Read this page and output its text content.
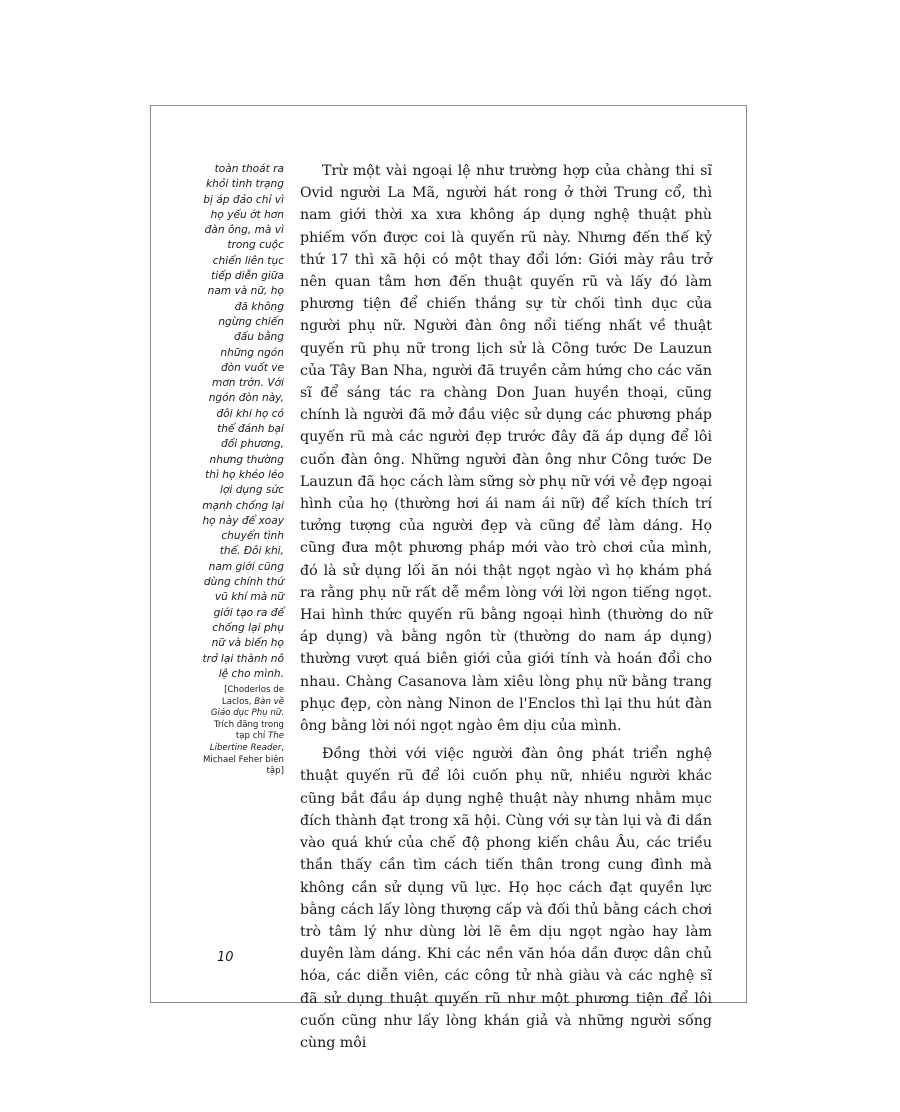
toàn thoát ra khỏi tình trạng bị áp đảo chỉ vì họ yếu ớt hơn đàn ông, mà vì trong cuộc chiến liên tục tiếp diễn giữa nam và nữ, họ đã không ngừng chiến đấu bằng những ngón đòn vuốt ve mơn trớn. Với ngón đòn này, đôi khi họ có thể đánh bại đối phương, nhưng thường thì họ khéo léo lợi dụng sức mạnh chống lại họ này để xoay chuyển tình thế. Đôi khi, nam giới cũng dùng chính thứ vũ khí mà nữ giới tạo ra để chống lại phụ nữ và biến họ trở lại thành nô lệ cho mình.

[Choderlos de Laclos, Bàn về Giáo dục Phụ nữ. Trích đăng trong tạp chí The Libertine Reader, Michael Feher biên tập]

Trừ một vài ngoại lệ như trường hợp của chàng thi sĩ Ovid người La Mã, người hát rong ở thời Trung cổ, thì nam giới thời xa xưa không áp dụng nghệ thuật phù phiếm vốn được coi là quyến rũ này. Nhưng đến thế kỷ thứ 17 thì xã hội có một thay đổi lớn: Giới mày râu trở nên quan tâm hơn đến thuật quyến rũ và lấy đó làm phương tiện để chiến thắng sự từ chối tình dục của người phụ nữ. Người đàn ông nổi tiếng nhất về thuật quyến rũ phụ nữ trong lịch sử là Công tước De Lauzun của Tây Ban Nha, người đã truyền cảm hứng cho các văn sĩ để sáng tác ra chàng Don Juan huyền thoại, cũng chính là người đã mở đầu việc sử dụng các phương pháp quyến rũ mà các người đẹp trước đây đã áp dụng để lôi cuốn đàn ông. Những người đàn ông như Công tước De Lauzun đã học cách làm sững sờ phụ nữ với vẻ đẹp ngoại hình của họ (thường hơi ái nam ái nữ) để kích thích trí tưởng tượng của người đẹp và cũng để làm dáng. Họ cũng đưa một phương pháp mới vào trò chơi của mình, đó là sử dụng lối ăn nói thật ngọt ngào vì họ khám phá ra rằng phụ nữ rất dễ mềm lòng với lời ngon tiếng ngọt. Hai hình thức quyến rũ bằng ngoại hình (thường do nữ áp dụng) và bằng ngôn từ (thường do nam áp dụng) thường vượt quá biên giới của giới tính và hoán đổi cho nhau. Chàng Casanova làm xiêu lòng phụ nữ bằng trang phục đẹp, còn nàng Ninon de l'Enclos thì lại thu hút đàn ông bằng lời nói ngọt ngào êm dịu của mình.

Đồng thời với việc người đàn ông phát triển nghệ thuật quyến rũ để lôi cuốn phụ nữ, nhiều người khác cũng bắt đầu áp dụng nghệ thuật này nhưng nhằm mục đích thành đạt trong xã hội. Cùng với sự tàn lụi và đi dần vào quá khứ của chế độ phong kiến châu Âu, các triều thần thấy cần tìm cách tiến thân trong cung đình mà không cần sử dụng vũ lực. Họ học cách đạt quyền lực bằng cách lấy lòng thượng cấp và đối thủ bằng cách chơi trò tâm lý như dùng lời lẽ êm dịu ngọt ngào hay làm duyên làm dáng. Khi các nền văn hóa dần được dân chủ hóa, các diễn viên, các công tử nhà giàu và các nghệ sĩ đã sử dụng thuật quyến rũ như một phương tiện để lôi cuốn cũng như lấy lòng khán giả và những người sống cùng môi

10
